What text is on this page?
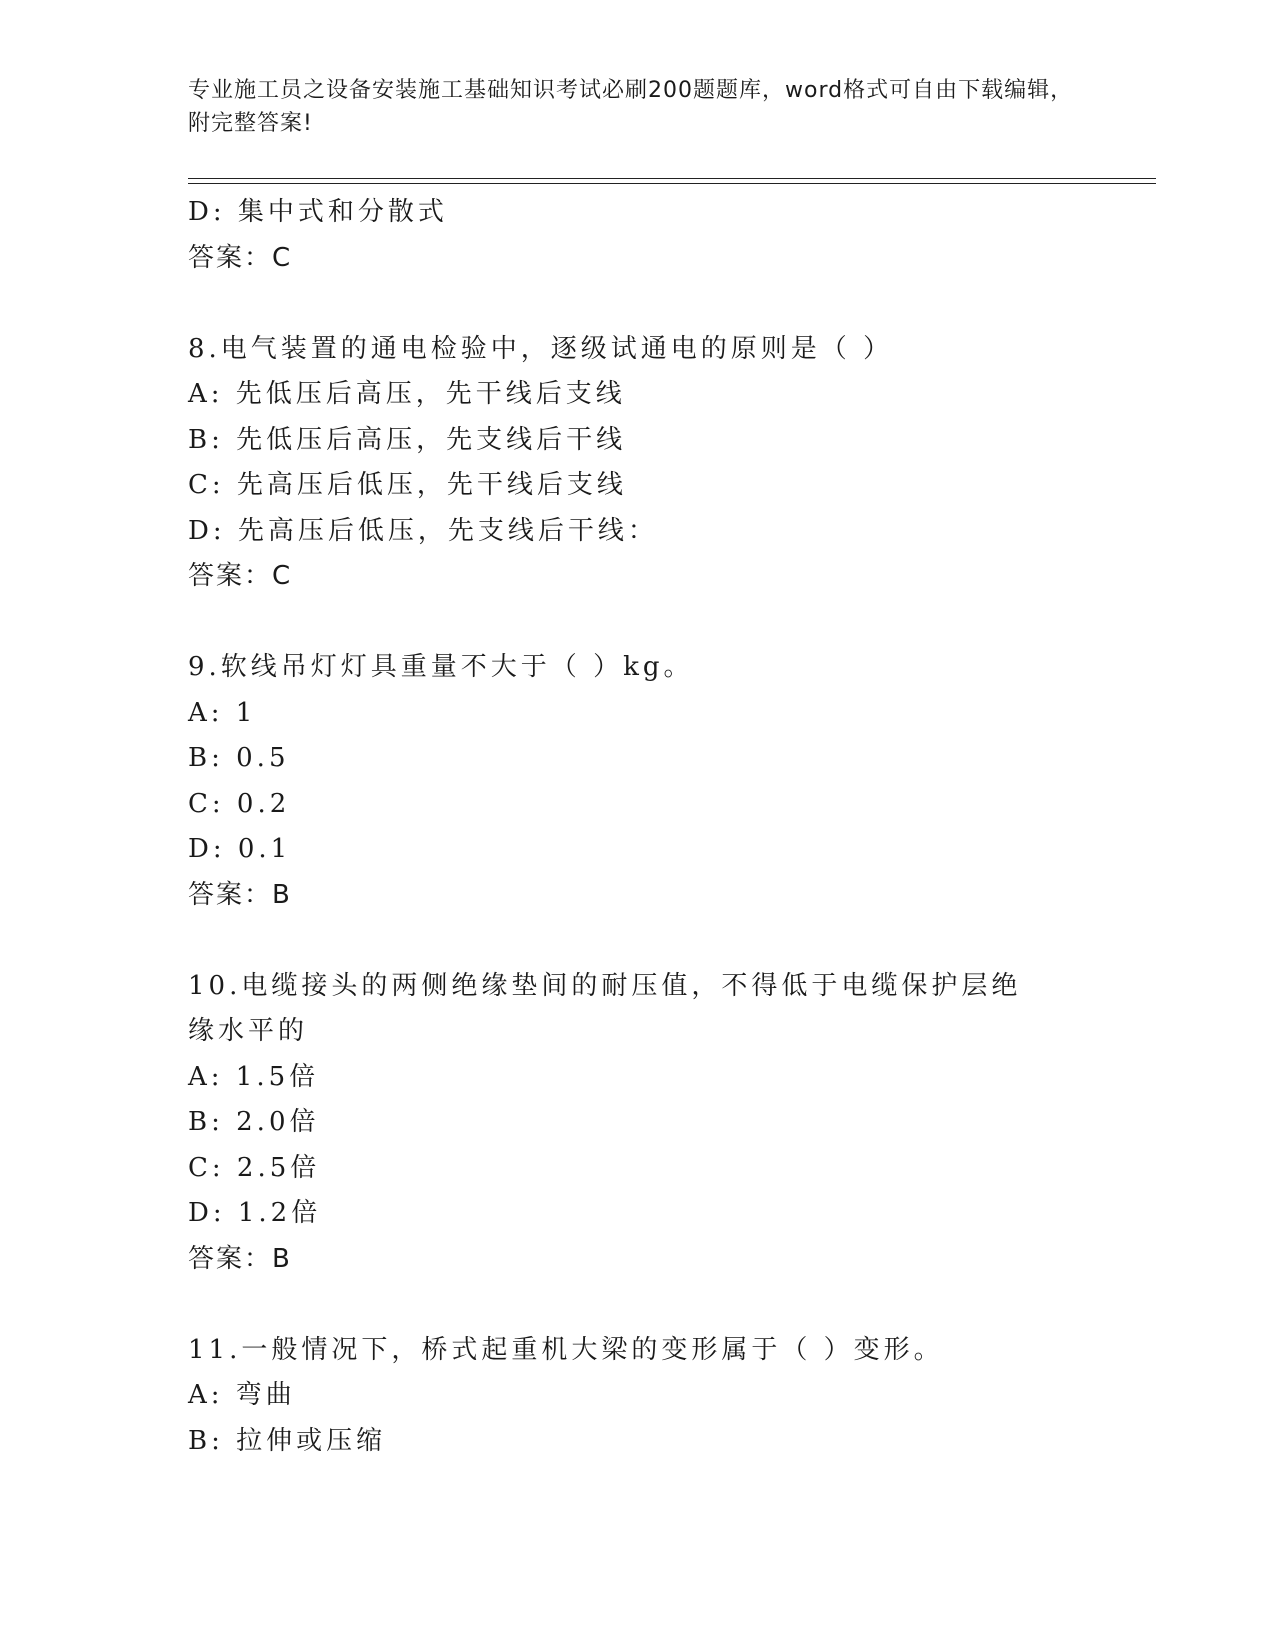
专业施工员之设备安装施工基础知识考试必刷200题题库，word格式可自由下载编辑，附完整答案!
D: 集中式和分散式
答案：C
8.电气装置的通电检验中，逐级试通电的原则是（ ）
A: 先低压后高压，先干线后支线
B: 先低压后高压，先支线后干线
C: 先高压后低压，先干线后支线
D: 先高压后低压，先支线后干线：
答案：C
9.软线吊灯灯具重量不大于（ ）kg。
A: 1
B: 0.5
C: 0.2
D: 0.1
答案：B
10.电缆接头的两侧绝缘垫间的耐压值，不得低于电缆保护层绝缘水平的
A: 1.5倍
B: 2.0倍
C: 2.5倍
D: 1.2倍
答案：B
11.一般情况下，桥式起重机大梁的变形属于（ ）变形。
A: 弯曲
B: 拉伸或压缩
